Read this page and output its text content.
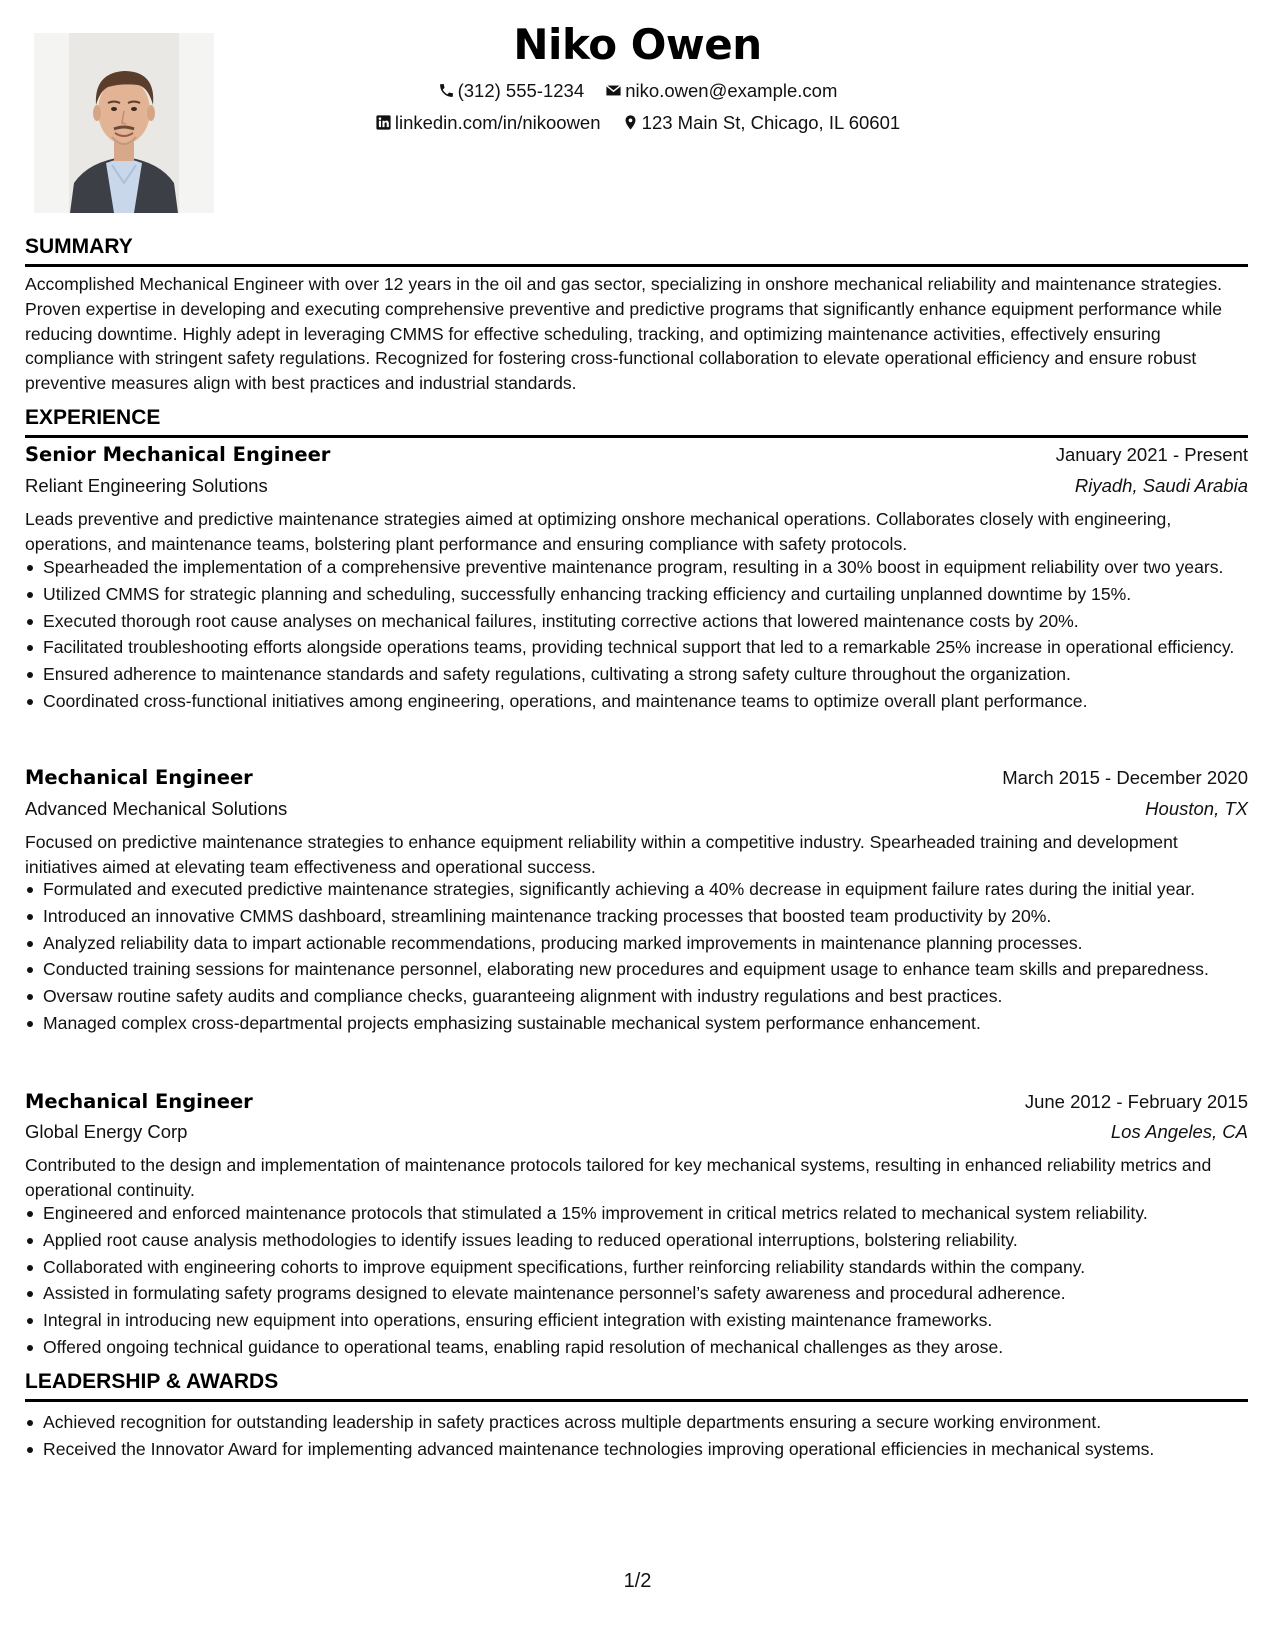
Niko Owen
(312) 555-1234 niko.owen@example.com
linkedin.com/in/nikoowen 123 Main St, Chicago, IL 60601
SUMMARY
Accomplished Mechanical Engineer with over 12 years in the oil and gas sector, specializing in onshore mechanical reliability and maintenance strategies. Proven expertise in developing and executing comprehensive preventive and predictive programs that significantly enhance equipment performance while reducing downtime. Highly adept in leveraging CMMS for effective scheduling, tracking, and optimizing maintenance activities, effectively ensuring compliance with stringent safety regulations. Recognized for fostering cross-functional collaboration to elevate operational efficiency and ensure robust preventive measures align with best practices and industrial standards.
EXPERIENCE
Senior Mechanical Engineer	January 2021 - Present
Reliant Engineering Solutions	Riyadh, Saudi Arabia
Leads preventive and predictive maintenance strategies aimed at optimizing onshore mechanical operations. Collaborates closely with engineering, operations, and maintenance teams, bolstering plant performance and ensuring compliance with safety protocols.
Spearheaded the implementation of a comprehensive preventive maintenance program, resulting in a 30% boost in equipment reliability over two years.
Utilized CMMS for strategic planning and scheduling, successfully enhancing tracking efficiency and curtailing unplanned downtime by 15%.
Executed thorough root cause analyses on mechanical failures, instituting corrective actions that lowered maintenance costs by 20%.
Facilitated troubleshooting efforts alongside operations teams, providing technical support that led to a remarkable 25% increase in operational efficiency.
Ensured adherence to maintenance standards and safety regulations, cultivating a strong safety culture throughout the organization.
Coordinated cross-functional initiatives among engineering, operations, and maintenance teams to optimize overall plant performance.
Mechanical Engineer	March 2015 - December 2020
Advanced Mechanical Solutions	Houston, TX
Focused on predictive maintenance strategies to enhance equipment reliability within a competitive industry. Spearheaded training and development initiatives aimed at elevating team effectiveness and operational success.
Formulated and executed predictive maintenance strategies, significantly achieving a 40% decrease in equipment failure rates during the initial year.
Introduced an innovative CMMS dashboard, streamlining maintenance tracking processes that boosted team productivity by 20%.
Analyzed reliability data to impart actionable recommendations, producing marked improvements in maintenance planning processes.
Conducted training sessions for maintenance personnel, elaborating new procedures and equipment usage to enhance team skills and preparedness.
Oversaw routine safety audits and compliance checks, guaranteeing alignment with industry regulations and best practices.
Managed complex cross-departmental projects emphasizing sustainable mechanical system performance enhancement.
Mechanical Engineer	June 2012 - February 2015
Global Energy Corp	Los Angeles, CA
Contributed to the design and implementation of maintenance protocols tailored for key mechanical systems, resulting in enhanced reliability metrics and operational continuity.
Engineered and enforced maintenance protocols that stimulated a 15% improvement in critical metrics related to mechanical system reliability.
Applied root cause analysis methodologies to identify issues leading to reduced operational interruptions, bolstering reliability.
Collaborated with engineering cohorts to improve equipment specifications, further reinforcing reliability standards within the company.
Assisted in formulating safety programs designed to elevate maintenance personnel’s safety awareness and procedural adherence.
Integral in introducing new equipment into operations, ensuring efficient integration with existing maintenance frameworks.
Offered ongoing technical guidance to operational teams, enabling rapid resolution of mechanical challenges as they arose.
LEADERSHIP & AWARDS
Achieved recognition for outstanding leadership in safety practices across multiple departments ensuring a secure working environment.
Received the Innovator Award for implementing advanced maintenance technologies improving operational efficiencies in mechanical systems.
1/2
